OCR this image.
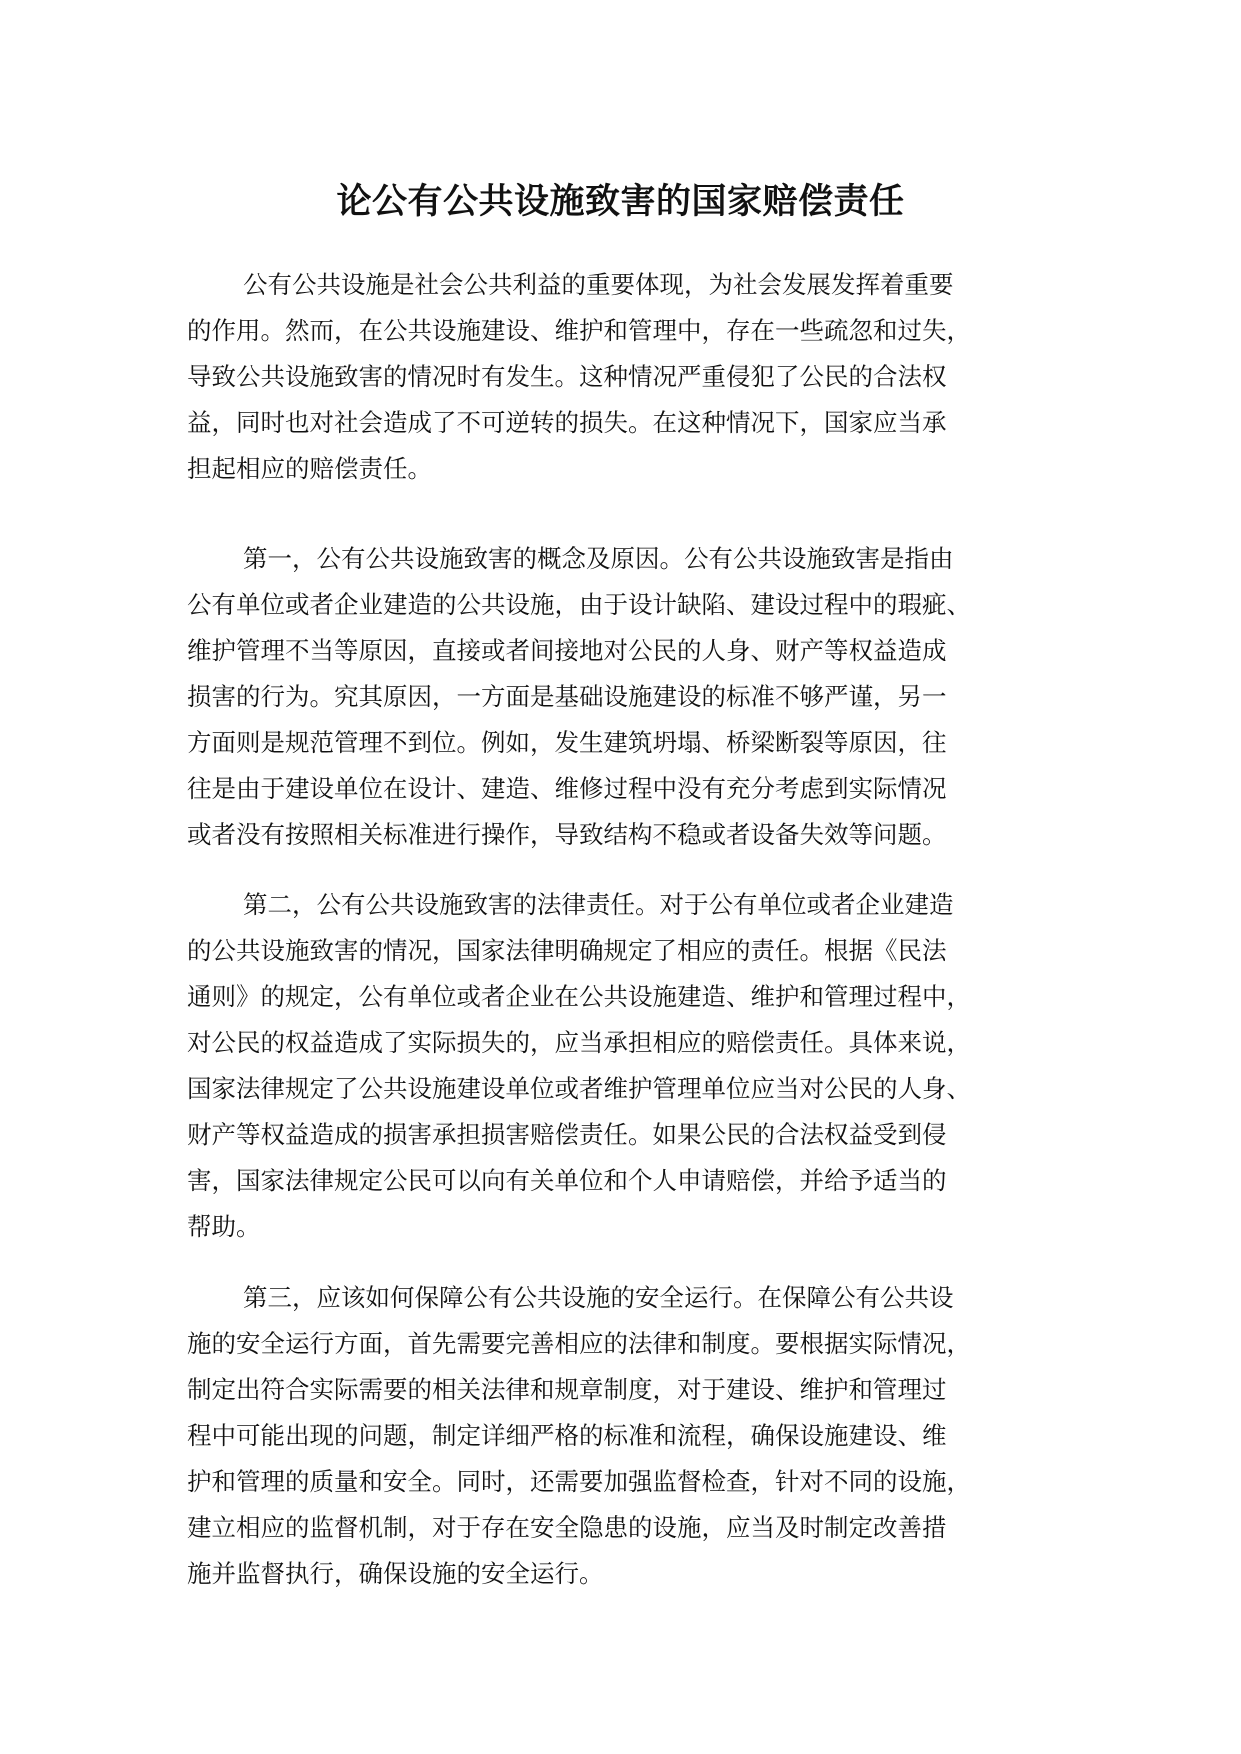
论公有公共设施致害的国家赔偿责任
公有公共设施是社会公共利益的重要体现，为社会发展发挥着重要
的作用。然而，在公共设施建设、维护和管理中，存在一些疏忽和过失，
导致公共设施致害的情况时有发生。这种情况严重侵犯了公民的合法权
益，同时也对社会造成了不可逆转的损失。在这种情况下，国家应当承
担起相应的赔偿责任。
第一，公有公共设施致害的概念及原因。公有公共设施致害是指由
公有单位或者企业建造的公共设施，由于设计缺陷、建设过程中的瑕疵、
维护管理不当等原因，直接或者间接地对公民的人身、财产等权益造成
损害的行为。究其原因，一方面是基础设施建设的标准不够严谨，另一
方面则是规范管理不到位。例如，发生建筑坍塌、桥梁断裂等原因，往
往是由于建设单位在设计、建造、维修过程中没有充分考虑到实际情况
或者没有按照相关标准进行操作，导致结构不稳或者设备失效等问题。
第二，公有公共设施致害的法律责任。对于公有单位或者企业建造
的公共设施致害的情况，国家法律明确规定了相应的责任。根据《民法
通则》的规定，公有单位或者企业在公共设施建造、维护和管理过程中，
对公民的权益造成了实际损失的，应当承担相应的赔偿责任。具体来说，
国家法律规定了公共设施建设单位或者维护管理单位应当对公民的人身、
财产等权益造成的损害承担损害赔偿责任。如果公民的合法权益受到侵
害，国家法律规定公民可以向有关单位和个人申请赔偿，并给予适当的
帮助。
第三，应该如何保障公有公共设施的安全运行。在保障公有公共设
施的安全运行方面，首先需要完善相应的法律和制度。要根据实际情况，
制定出符合实际需要的相关法律和规章制度，对于建设、维护和管理过
程中可能出现的问题，制定详细严格的标准和流程，确保设施建设、维
护和管理的质量和安全。同时，还需要加强监督检查，针对不同的设施，
建立相应的监督机制，对于存在安全隐患的设施，应当及时制定改善措
施并监督执行，确保设施的安全运行。
